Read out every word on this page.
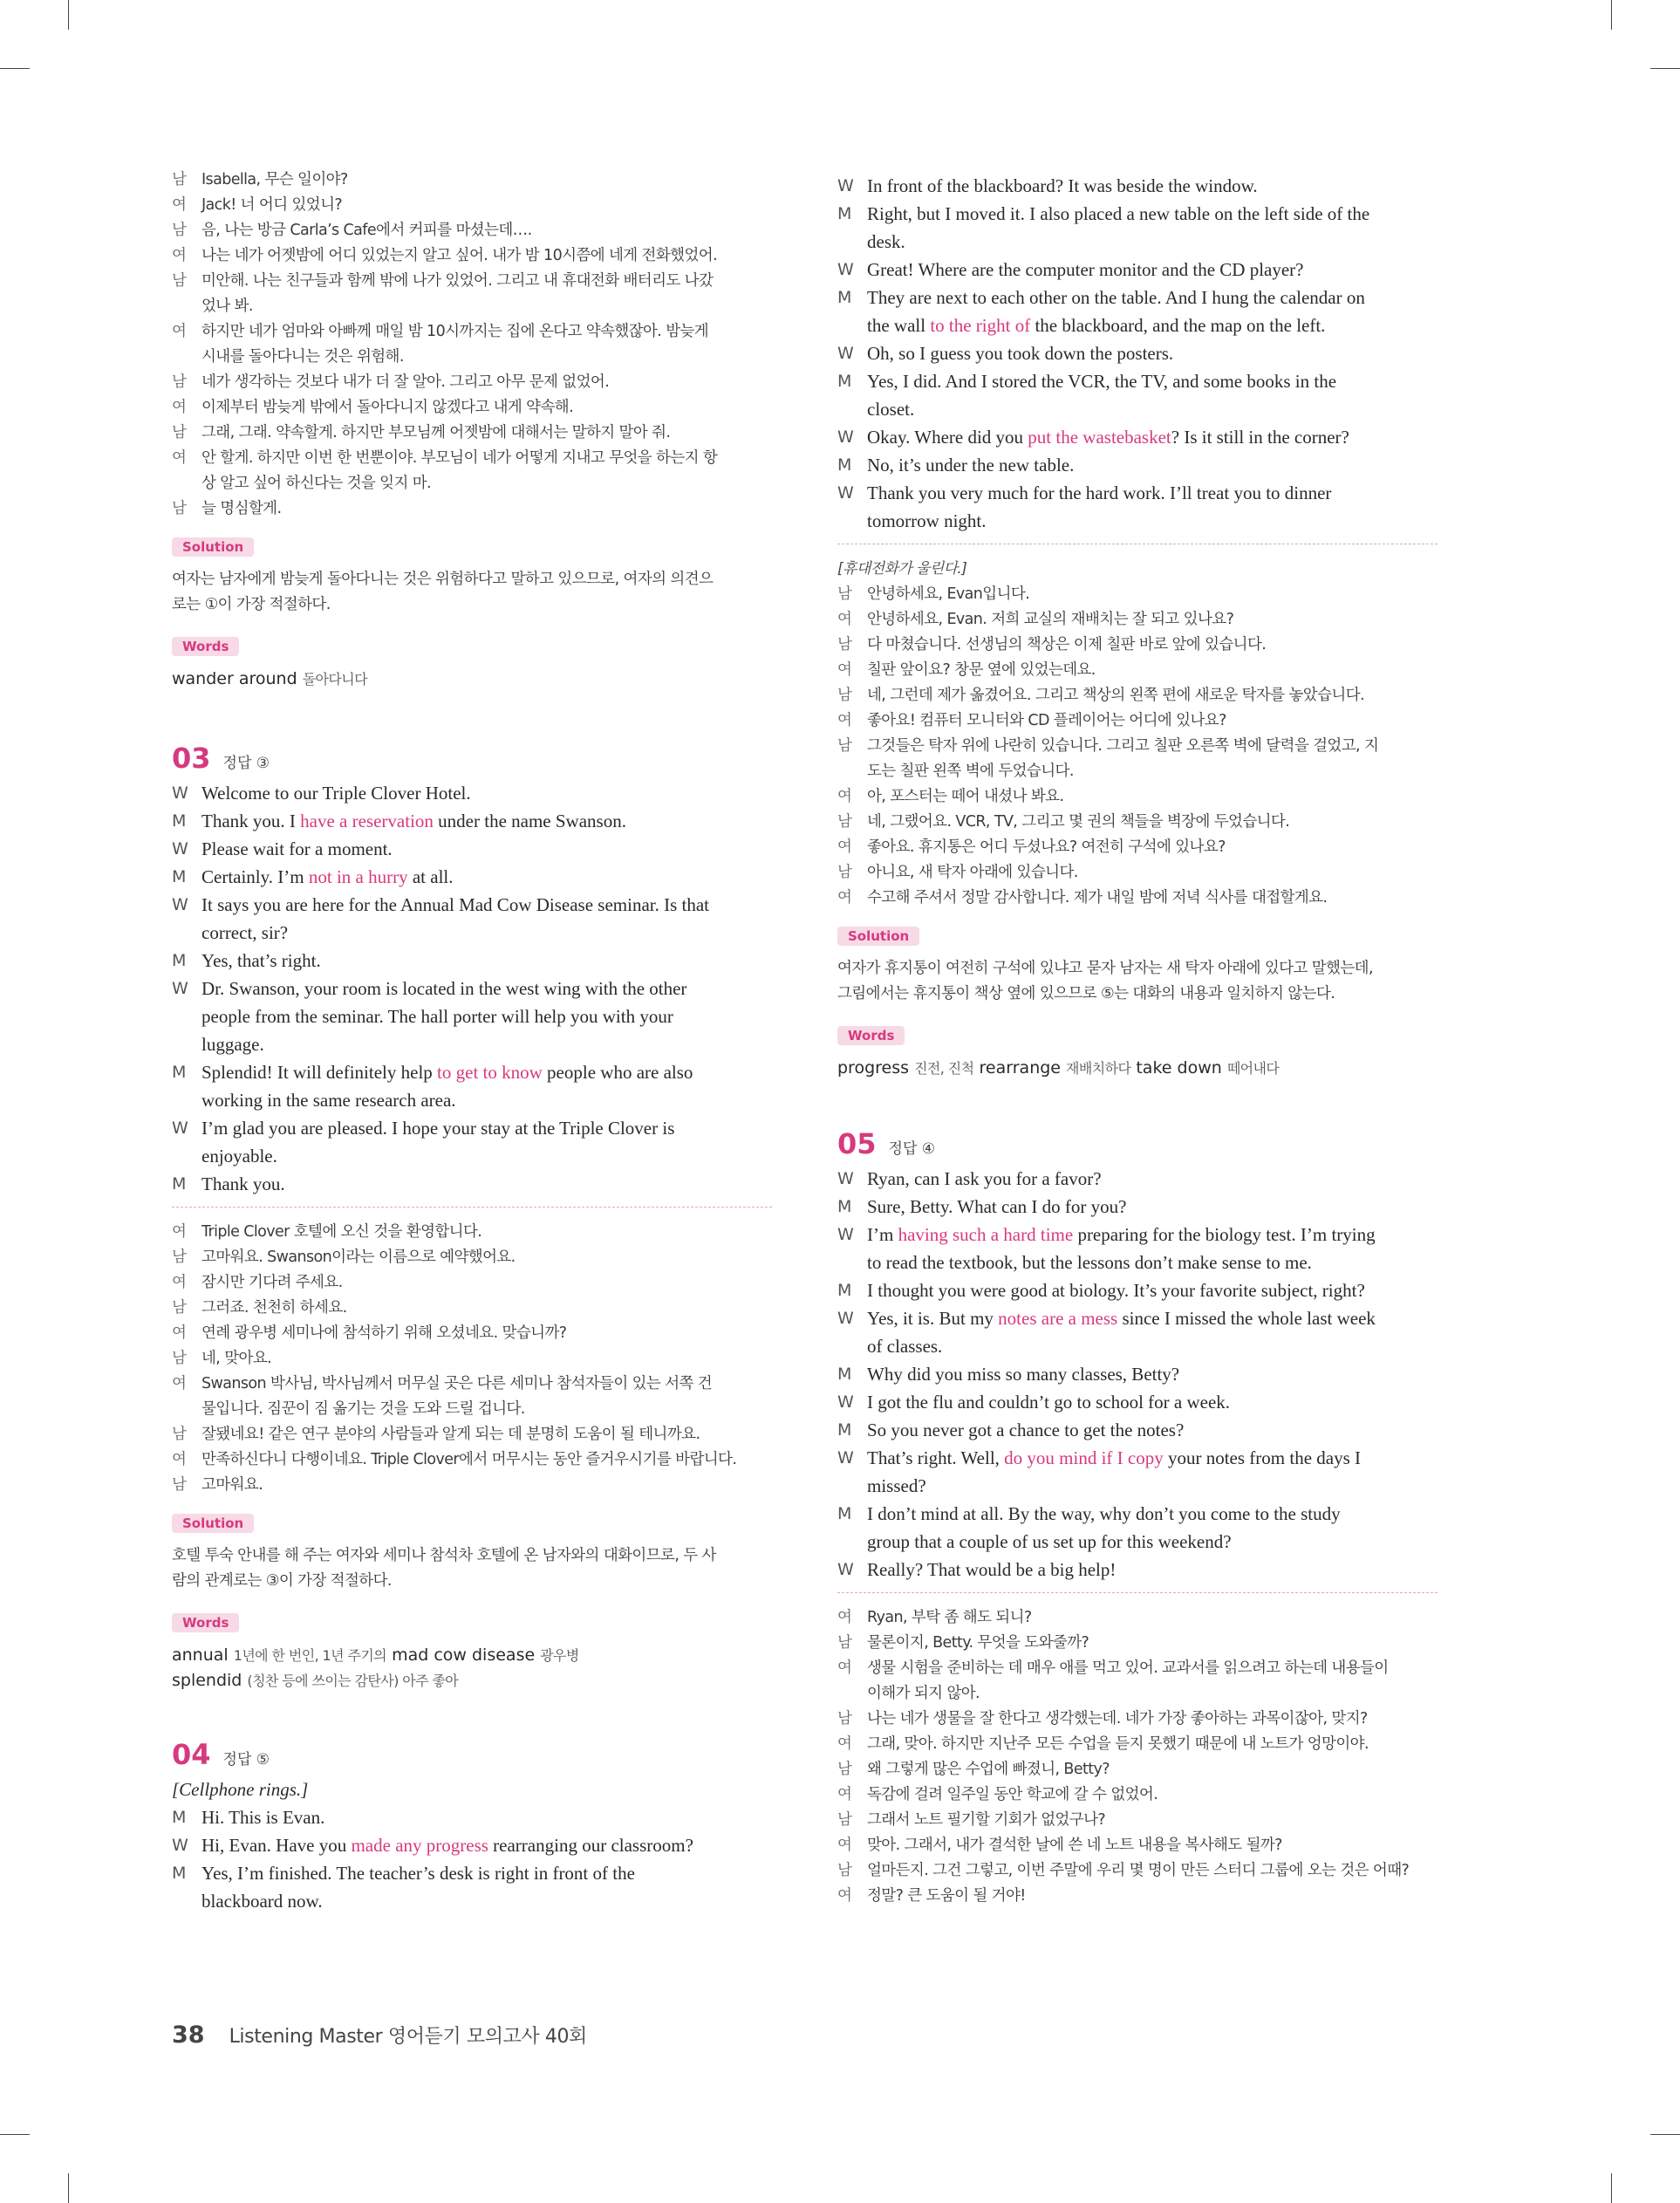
남	Isabella, 무슨 일이야?
여	Jack! 너 어디 있었니?
남	음, 나는 방금 Carla’s Cafe에서 커피를 마셨는데….
여	나는 네가 어젯밤에 어디 있었는지 알고 싶어. 내가 밤 10시쯤에 네게 전화했었어.
남	미안해. 나는 친구들과 함께 밖에 나가 있었어. 그리고 내 휴대전화 배터리도 나갔
었나 봐.
여	하지만 네가 엄마와 아빠께 매일 밤 10시까지는 집에 온다고 약속했잖아. 밤늦게
시내를 돌아다니는 것은 위험해.
남	네가 생각하는 것보다 내가 더 잘 알아. 그리고 아무 문제 없었어.
여	이제부터 밤늦게 밖에서 돌아다니지 않겠다고 내게 약속해.
남	그래, 그래. 약속할게. 하지만 부모님께 어젯밤에 대해서는 말하지 말아 줘.
여	안 할게. 하지만 이번 한 번뿐이야. 부모님이 네가 어떻게 지내고 무엇을 하는지 항
상 알고 싶어 하신다는 것을 잊지 마.
남	늘 명심할게.
Solution
여자는 남자에게 밤늦게 돌아다니는 것은 위험하다고 말하고 있으므로, 여자의 의견으
로는 ①이 가장 적절하다.
Words
wander around 돌아다니다
03 정답 ③
W Welcome to our Triple Clover Hotel.
M Thank you. I have a reservation under the name Swanson.
W Please wait for a moment.
M Certainly. I’m not in a hurry at all.
W It says you are here for the Annual Mad Cow Disease seminar. Is that
correct, sir?
M Yes, that’s right.
W Dr. Swanson, your room is located in the west wing with the other
people from the seminar. The hall porter will help you with your
luggage.
M Splendid! It will definitely help to get to know people who are also
working in the same research area.
W I’m glad you are pleased. I hope your stay at the Triple Clover is
enjoyable.
M Thank you.
여	Triple Clover 호텔에 오신 것을 환영합니다.
남	고마워요. Swanson이라는 이름으로 예약했어요.
여	잠시만 기다려 주세요.
남	그러죠. 천천히 하세요.
여	연례 광우병 세미나에 참석하기 위해 오셨네요. 맞습니까?
남	네, 맞아요.
여	Swanson 박사님, 박사님께서 머무실 곳은 다른 세미나 참석자들이 있는 서쪽 건
물입니다. 짐꾼이 짐 옮기는 것을 도와 드릴 겁니다.
남	잘됐네요! 같은 연구 분야의 사람들과 알게 되는 데 분명히 도움이 될 테니까요.
여	만족하신다니 다행이네요. Triple Clover에서 머무시는 동안 즐거우시기를 바랍니다.
남	고마워요.
Solution
호텔 투숙 안내를 해 주는 여자와 세미나 참석차 호텔에 온 남자와의 대화이므로, 두 사
람의 관계로는 ③이 가장 적절하다.
Words
annual 1년에 한 번인, 1년 주기의 mad cow disease 광우병
splendid (칭찬 등에 쓰이는 감탄사) 아주 좋아
04 정답 ⑤
[Cellphone rings.]
M Hi. This is Evan.
W Hi, Evan. Have you made any progress rearranging our classroom?
M Yes, I’m finished. The teacher’s desk is right in front of the
blackboard now.
W In front of the blackboard? It was beside the window.
M Right, but I moved it. I also placed a new table on the left side of the
desk.
W Great! Where are the computer monitor and the CD player?
M They are next to each other on the table. And I hung the calendar on
the wall to the right of the blackboard, and the map on the left.
W Oh, so I guess you took down the posters.
M Yes, I did. And I stored the VCR, the TV, and some books in the
closet.
W Okay. Where did you put the wastebasket? Is it still in the corner?
M No, it’s under the new table.
W Thank you very much for the hard work. I’ll treat you to dinner
tomorrow night.
[휴대전화가 울린다.]
남	안녕하세요, Evan입니다.
여	안녕하세요, Evan. 저희 교실의 재배치는 잘 되고 있나요?
남	다 마쳤습니다. 선생님의 책상은 이제 칠판 바로 앞에 있습니다.
여	칠판 앞이요? 창문 옆에 있었는데요.
남	네, 그런데 제가 옮겼어요. 그리고 책상의 왼쪽 편에 새로운 탁자를 놓았습니다.
여	좋아요! 컴퓨터 모니터와 CD 플레이어는 어디에 있나요?
남	그것들은 탁자 위에 나란히 있습니다. 그리고 칠판 오른쪽 벽에 달력을 걸었고, 지
도는 칠판 왼쪽 벽에 두었습니다.
여	아, 포스터는 떼어 내셨나 봐요.
남	네, 그랬어요. VCR, TV, 그리고 몇 권의 책들을 벽장에 두었습니다.
여	좋아요. 휴지통은 어디 두셨나요? 여전히 구석에 있나요?
남	아니요, 새 탁자 아래에 있습니다.
여	수고해 주셔서 정말 감사합니다. 제가 내일 밤에 저녁 식사를 대접할게요.
Solution
여자가 휴지통이 여전히 구석에 있냐고 묻자 남자는 새 탁자 아래에 있다고 말했는데,
그림에서는 휴지통이 책상 옆에 있으므로 ⑤는 대화의 내용과 일치하지 않는다.
Words
progress 진전, 진척 rearrange 재배치하다 take down 떼어내다
05 정답 ④
W Ryan, can I ask you for a favor?
M Sure, Betty. What can I do for you?
W I’m having such a hard time preparing for the biology test. I’m trying
to read the textbook, but the lessons don’t make sense to me.
M I thought you were good at biology. It’s your favorite subject, right?
W Yes, it is. But my notes are a mess since I missed the whole last week
of classes.
M Why did you miss so many classes, Betty?
W I got the flu and couldn’t go to school for a week.
M So you never got a chance to get the notes?
W That’s right. Well, do you mind if I copy your notes from the days I
missed?
M I don’t mind at all. By the way, why don’t you come to the study
group that a couple of us set up for this weekend?
W Really? That would be a big help!
여	Ryan, 부탁 좀 해도 되니?
남	물론이지, Betty. 무엇을 도와줄까?
여	생물 시험을 준비하는 데 매우 애를 먹고 있어. 교과서를 읽으려고 하는데 내용들이
이해가 되지 않아.
남	나는 네가 생물을 잘 한다고 생각했는데. 네가 가장 좋아하는 과목이잖아, 맞지?
여	그래, 맞아. 하지만 지난주 모든 수업을 듣지 못했기 때문에 내 노트가 엉망이야.
남	왜 그렇게 많은 수업에 빠졌니, Betty?
여	독감에 걸려 일주일 동안 학교에 갈 수 없었어.
남	그래서 노트 필기할 기회가 없었구나?
여	맞아. 그래서, 내가 결석한 날에 쓴 네 노트 내용을 복사해도 될까?
남	얼마든지. 그건 그렇고, 이번 주말에 우리 몇 명이 만든 스터디 그룹에 오는 것은 어때?
여	정말? 큰 도움이 될 거야!
38 Listening Master 영어듣기 모의고사 40회
